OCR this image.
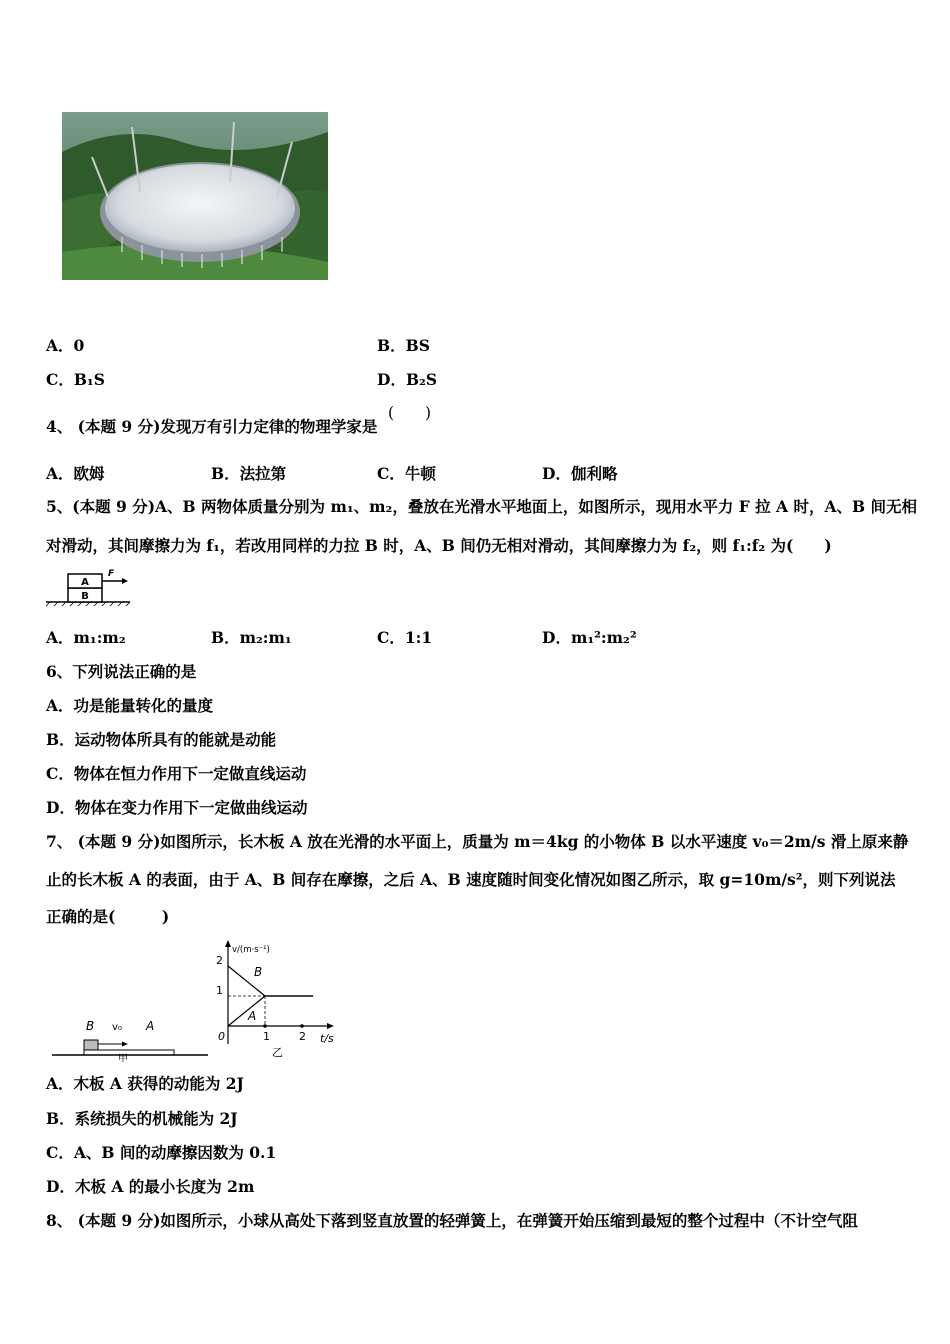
A．0	B．BS
C．B₁S	D．B₂S
4、 (本题 9 分)发现万有引力定律的物理学家是
(　　)
A．欧姆	B．法拉第	C．牛顿	D．伽利略
5、(本题 9 分)A、B 两物体质量分别为 m₁、m₂，叠放在光滑水平地面上，如图所示，现用水平力 F 拉 A 时，A、B 间无相
对滑动，其间摩擦力为 f₁，若改用同样的力拉 B 时，A、B 间仍无相对滑动，其间摩擦力为 f₂，则 f₁:f₂ 为(　　)
A
B
F
A．m₁:m₂	B．m₂:m₁	C．1:1	D．m₁²:m₂²
6、下列说法正确的是
A．功是能量转化的量度
B．运动物体所具有的能就是动能
C．物体在恒力作用下一定做直线运动
D．物体在变力作用下一定做曲线运动
7、 (本题 9 分)如图所示，长木板 A 放在光滑的水平面上，质量为 m＝4kg 的小物体 B 以水平速度 v₀＝2m/s 滑上原来静
止的长木板 A 的表面，由于 A、B 间存在摩擦，之后 A、B 速度随时间变化情况如图乙所示，取 g=10m/s²，则下列说法
正确的是(　　　)
B v₀ A
甲
v/(m·s⁻¹)
t/s
0
2
1
1	2
B
A
乙
A．木板 A 获得的动能为 2J
B．系统损失的机械能为 2J
C．A、B 间的动摩擦因数为 0.1
D．木板 A 的最小长度为 2m
8、 (本题 9 分)如图所示，小球从高处下落到竖直放置的轻弹簧上，在弹簧开始压缩到最短的整个过程中（不计空气阻
